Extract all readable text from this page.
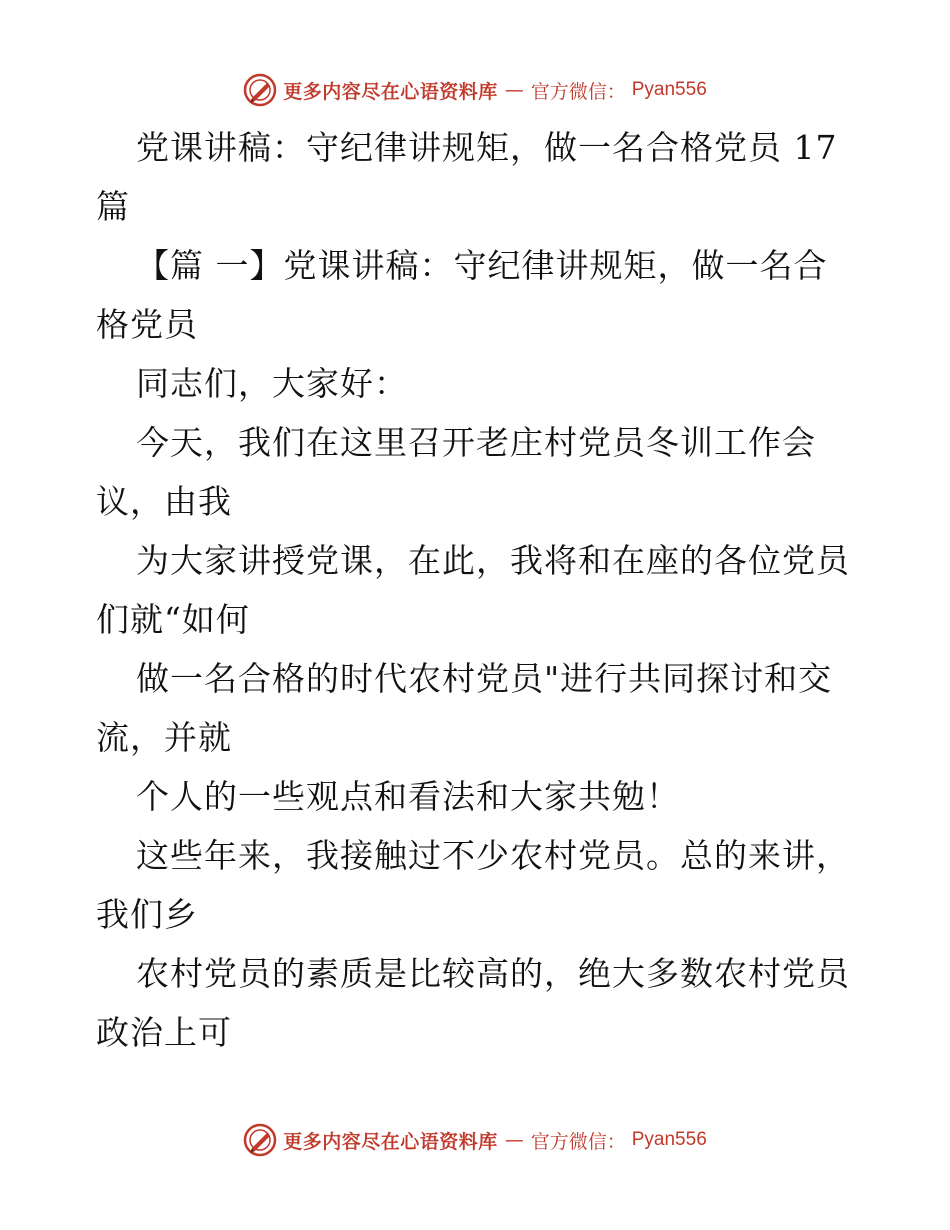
更多内容尽在心语资料库 — 官方微信： Pyan556

党课讲稿：守纪律讲规矩，做一名合格党员 17

篇

【篇 一】党课讲稿：守纪律讲规矩，做一名合

格党员

同志们，大家好：

今天，我们在这里召开老庄村党员冬训工作会

议，由我

为大家讲授党课，在此，我将和在座的各位党员

们就“如何

做一名合格的时代农村党员"进行共同探讨和交

流，并就

个人的一些观点和看法和大家共勉！

这些年来，我接触过不少农村党员。总的来讲，

我们乡

农村党员的素质是比较高的，绝大多数农村党员

政治上可

更多内容尽在心语资料库 — 官方微信： Pyan556
